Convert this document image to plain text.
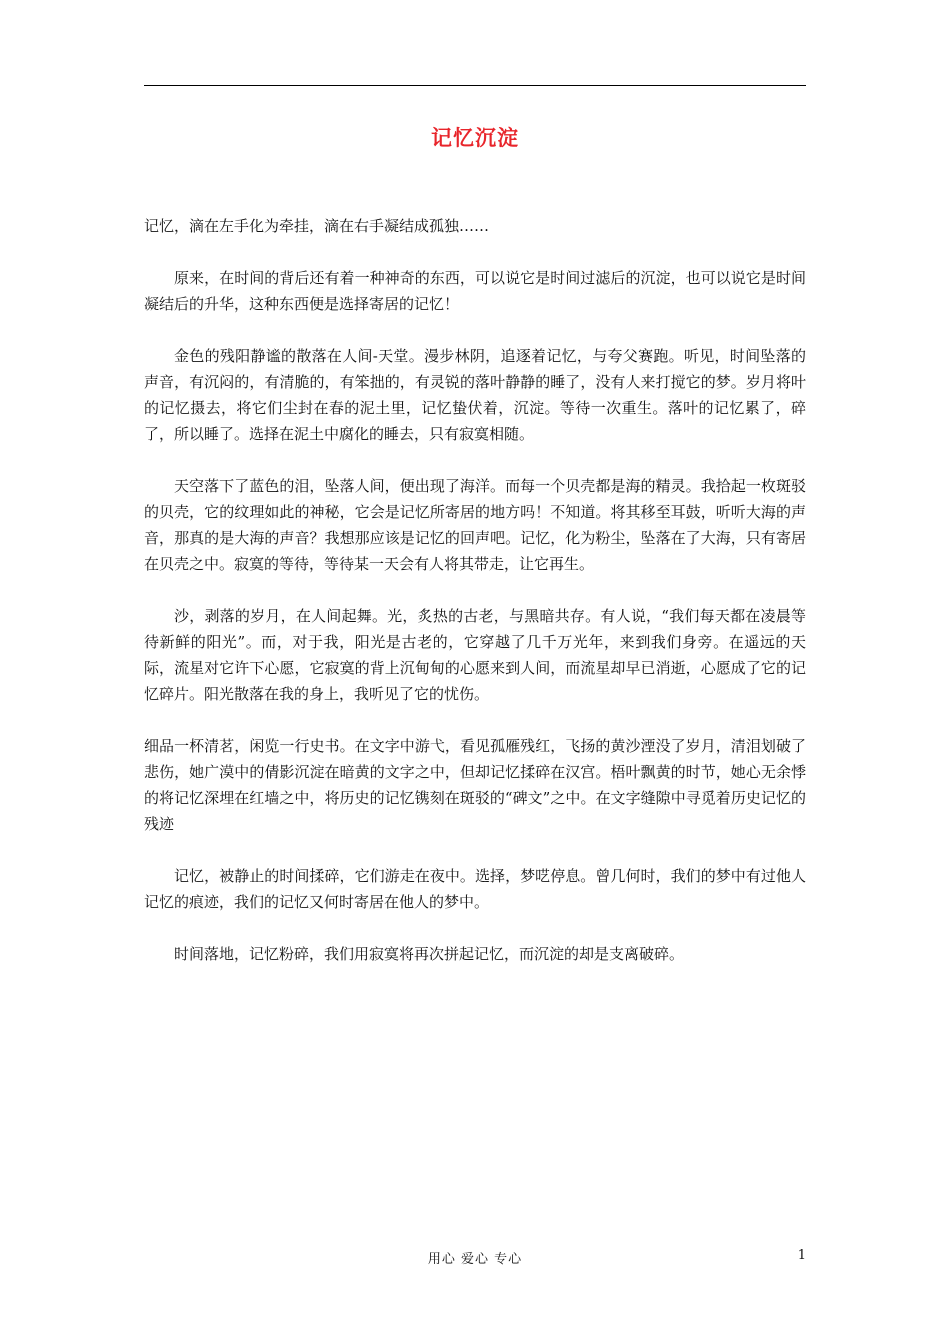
记忆沉淀

记忆，滴在左手化为牵挂，滴在右手凝结成孤独……

原来，在时间的背后还有着一种神奇的东西，可以说它是时间过滤后的沉淀，也可以说它是时间凝结后的升华，这种东西便是选择寄居的记忆！

金色的残阳静谧的散落在人间-天堂。漫步林阴，追逐着记忆，与夸父赛跑。听见，时间坠落的声音，有沉闷的，有清脆的，有笨拙的，有灵锐的落叶静静的睡了，没有人来打搅它的梦。岁月将叶的记忆摄去，将它们尘封在春的泥土里，记忆蛰伏着，沉淀。等待一次重生。落叶的记忆累了，碎了，所以睡了。选择在泥土中腐化的睡去，只有寂寞相随。

天空落下了蓝色的泪，坠落人间，便出现了海洋。而每一个贝壳都是海的精灵。我拾起一枚斑驳的贝壳，它的纹理如此的神秘，它会是记忆所寄居的地方吗！不知道。将其移至耳鼓，听听大海的声音，那真的是大海的声音？我想那应该是记忆的回声吧。记忆，化为粉尘，坠落在了大海，只有寄居在贝壳之中。寂寞的等待，等待某一天会有人将其带走，让它再生。

沙，剥落的岁月，在人间起舞。光，炙热的古老，与黑暗共存。有人说，“我们每天都在凌晨等待新鲜的阳光”。而，对于我，阳光是古老的，它穿越了几千万光年，来到我们身旁。在遥远的天际，流星对它许下心愿，它寂寞的背上沉甸甸的心愿来到人间，而流星却早已消逝，心愿成了它的记忆碎片。阳光散落在我的身上，我听见了它的忧伤。

细品一杯清茗，闲览一行史书。在文字中游弋，看见孤雁残红，飞扬的黄沙湮没了岁月，清泪划破了悲伤，她广漠中的倩影沉淀在暗黄的文字之中，但却记忆揉碎在汉宫。梧叶飘黄的时节，她心无余悸的将记忆深埋在红墙之中，将历史的记忆镌刻在斑驳的“碑文”之中。在文字缝隙中寻觅着历史记忆的残迹

记忆，被静止的时间揉碎，它们游走在夜中。选择，梦呓停息。曾几何时，我们的梦中有过他人记忆的痕迹，我们的记忆又何时寄居在他人的梦中。

时间落地，记忆粉碎，我们用寂寞将再次拼起记忆，而沉淀的却是支离破碎。

用心 爱心 专心	1
